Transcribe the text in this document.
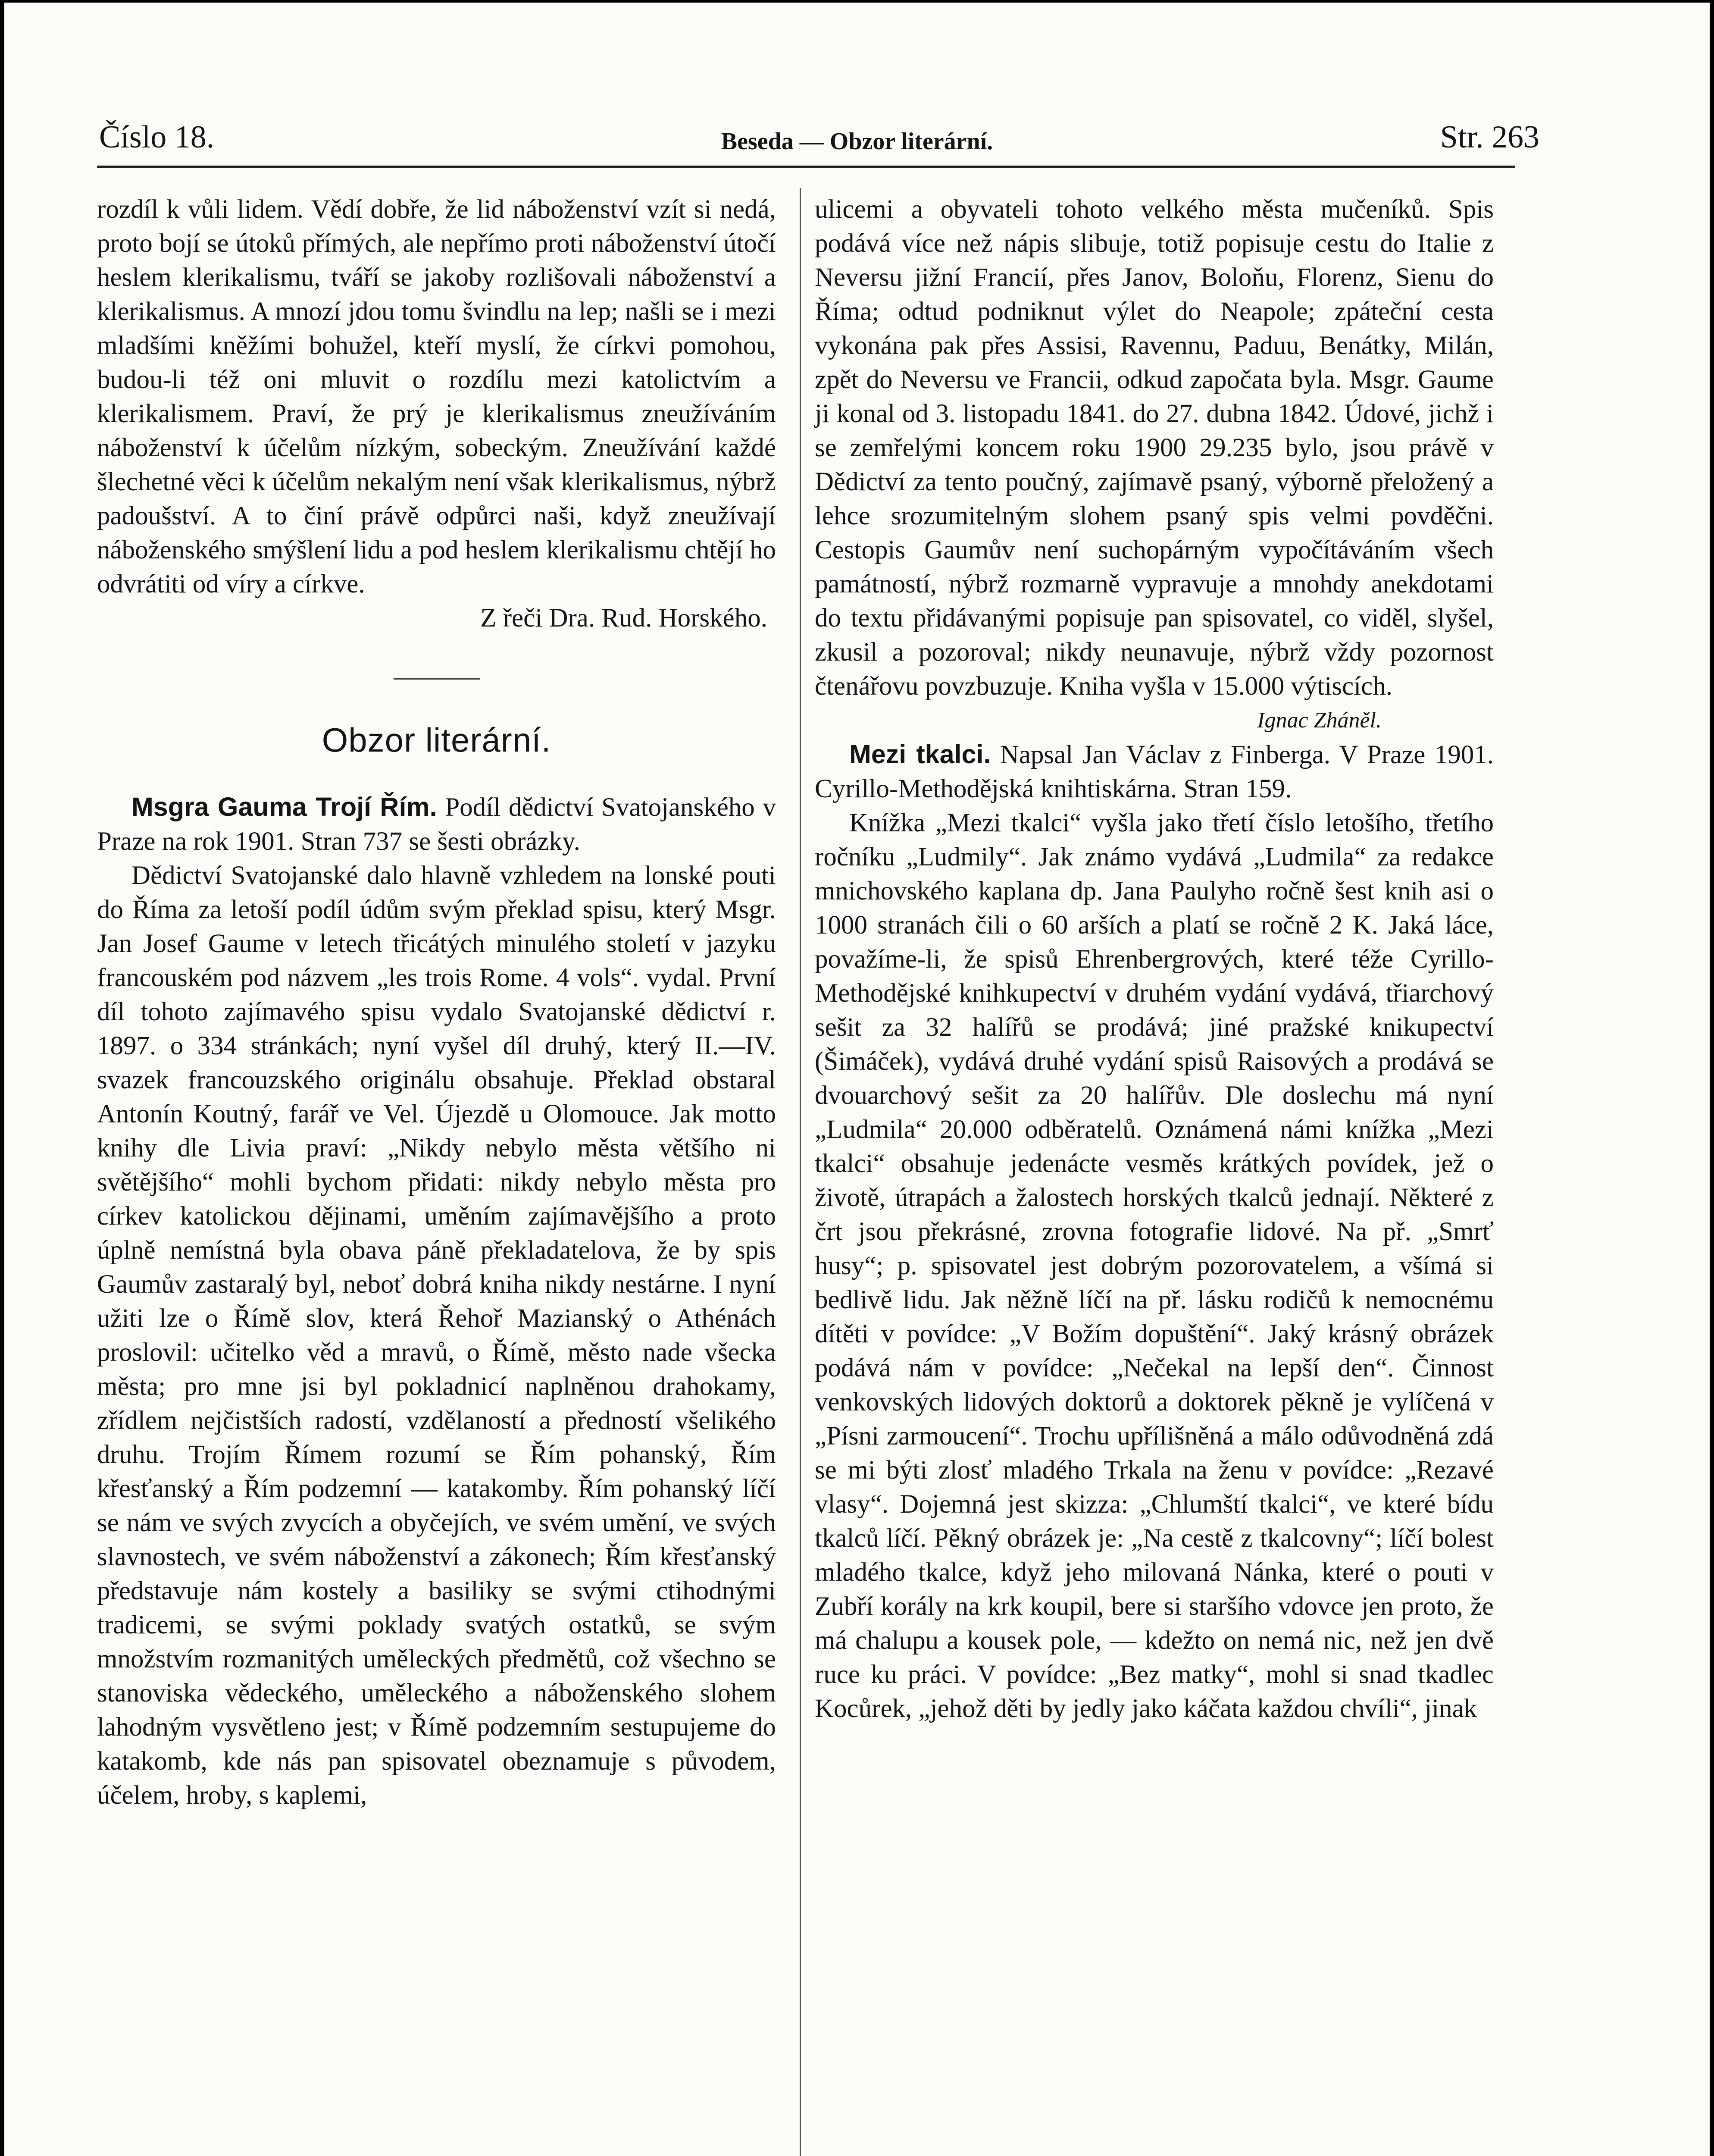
Číslo 18.	Beseda — Obzor literární.	Str. 263

rozdíl k vůli lidem. Vědí dobře, že lid náboženství vzít si nedá, proto bojí se útoků přímých, ale nepřímo proti náboženství útočí heslem klerikalismu, tváří se jakoby rozlišovali náboženství a klerikalismus. A mnozí jdou tomu švindlu na lep; našli se i mezi mladšími kněžími bohužel, kteří myslí, že církvi pomohou, budou-li též oni mluvit o rozdílu mezi katolictvím a klerikalismem. Praví, že prý je klerikalismus zneužíváním náboženství k účelům nízkým, sobeckým. Zneužívání každé šlechetné věci k účelům nekalým není však klerikalismus, nýbrž padoušství. A to činí právě odpůrci naši, když zneužívají náboženského smýšlení lidu a pod heslem klerikalismu chtějí ho odvrátiti od víry a církve.

Z řeči Dra. Rud. Horského.

Obzor literární.

Msgra Gauma Trojí Řím. Podíl dědictví Svatojanského v Praze na rok 1901. Stran 737 se šesti obrázky.

Dědictví Svatojanské dalo hlavně vzhledem na lonské pouti do Říma za letoší podíl údům svým překlad spisu, který Msgr. Jan Josef Gaume v letech třicátých minulého století v jazyku francouském pod názvem „les trois Rome. 4 vols“. vydal. První díl tohoto zajímavého spisu vydalo Svatojanské dědictví r. 1897. o 334 stránkách; nyní vyšel díl druhý, který II.—IV. svazek francouzského originálu obsahuje. Překlad obstaral Antonín Koutný, farář ve Vel. Újezdě u Olomouce. Jak motto knihy dle Livia praví: „Nikdy nebylo města většího ni světějšího“ mohli bychom přidati: nikdy nebylo města pro církev katolickou dějinami, uměním zajímavějšího a proto úplně nemístná byla obava páně překladatelova, že by spis Gaumův zastaralý byl, neboť dobrá kniha nikdy nestárne. I nyní užiti lze o Římě slov, která Řehoř Mazianský o Athénách proslovil: učitelko věd a mravů, o Římě, město nade všecka města; pro mne jsi byl pokladnicí naplněnou drahokamy, zřídlem nejčistších radostí, vzdělaností a předností všelikého druhu. Trojím Římem rozumí se Řím pohanský, Řím křesťanský a Řím podzemní — katakomby. Řím pohanský líčí se nám ve svých zvycích a obyčejích, ve svém umění, ve svých slavnostech, ve svém náboženství a zákonech; Řím křesťanský představuje nám kostely a basiliky se svými ctihodnými tradicemi, se svými poklady svatých ostatků, se svým množstvím rozmanitých uměleckých předmětů, což všechno se stanoviska vědeckého, uměleckého a náboženského slohem lahodným vysvětleno jest; v Římě podzemním sestupujeme do katakomb, kde nás pan spisovatel obeznamuje s původem, účelem, hroby, s kaplemi,

ulicemi a obyvateli tohoto velkého města mučeníků. Spis podává více než nápis slibuje, totiž popisuje cestu do Italie z Neversu jižní Francií, přes Janov, Boloňu, Florenz, Sienu do Říma; odtud podniknut výlet do Neapole; zpáteční cesta vykonána pak přes Assisi, Ravennu, Paduu, Benátky, Milán, zpět do Neversu ve Francii, odkud započata byla. Msgr. Gaume ji konal od 3. listopadu 1841. do 27. dubna 1842. Údové, jichž i se zemřelými koncem roku 1900 29.235 bylo, jsou právě v Dědictví za tento poučný, zajímavě psaný, výborně přeložený a lehce srozumitelným slohem psaný spis velmi povděčni. Cestopis Gaumův není suchopárným vypočítáváním všech památností, nýbrž rozmarně vypravuje a mnohdy anekdotami do textu přidávanými popisuje pan spisovatel, co viděl, slyšel, zkusil a pozoroval; nikdy neunavuje, nýbrž vždy pozornost čtenářovu povzbuzuje. Kniha vyšla v 15.000 výtiscích.

Ignac Zháněl.

Mezi tkalci. Napsal Jan Václav z Finberga. V Praze 1901. Cyrillo-Methodějská knihtiskárna. Stran 159.

Knížka „Mezi tkalci“ vyšla jako třetí číslo letošího, třetího ročníku „Ludmily“. Jak známo vydává „Ludmila“ za redakce mnichovského kaplana dp. Jana Paulyho ročně šest knih asi o 1000 stranách čili o 60 arších a platí se ročně 2 K. Jaká láce, považíme-li, že spisů Ehrenbergrových, které téže Cyrillo-Methodějské knihkupectví v druhém vydání vydává, třiarchový sešit za 32 halířů se prodává; jiné pražské knikupectví (Šimáček), vydává druhé vydání spisů Raisových a prodává se dvouarchový sešit za 20 halířův. Dle doslechu má nyní „Ludmila“ 20.000 odběratelů. Oznámená námi knížka „Mezi tkalci“ obsahuje jedenácte vesměs krátkých povídek, jež o životě, útrapách a žalostech horských tkalců jednají. Některé z črt jsou překrásné, zrovna fotografie lidové. Na př. „Smrť husy“; p. spisovatel jest dobrým pozorovatelem, a všímá si bedlivě lidu. Jak něžně líčí na př. lásku rodičů k nemocnému dítěti v povídce: „V Božím dopuštění“. Jaký krásný obrázek podává nám v povídce: „Nečekal na lepší den“. Činnost venkovských lidových doktorů a doktorek pěkně je vylíčená v „Písni zarmoucení“. Trochu upřílišněná a málo odůvodněná zdá se mi býti zlosť mladého Trkala na ženu v povídce: „Rezavé vlasy“. Dojemná jest skizza: „Chlumští tkalci“, ve které bídu tkalců líčí. Pěkný obrázek je: „Na cestě z tkalcovny“; líčí bolest mladého tkalce, když jeho milovaná Nánka, které o pouti v Zubří korály na krk koupil, bere si staršího vdovce jen proto, že má chalupu a kousek pole, — kdežto on nemá nic, než jen dvě ruce ku práci. V povídce: „Bez matky“, mohl si snad tkadlec Kocůrek, „jehož děti by jedly jako káčata každou chvíli“, jinak
